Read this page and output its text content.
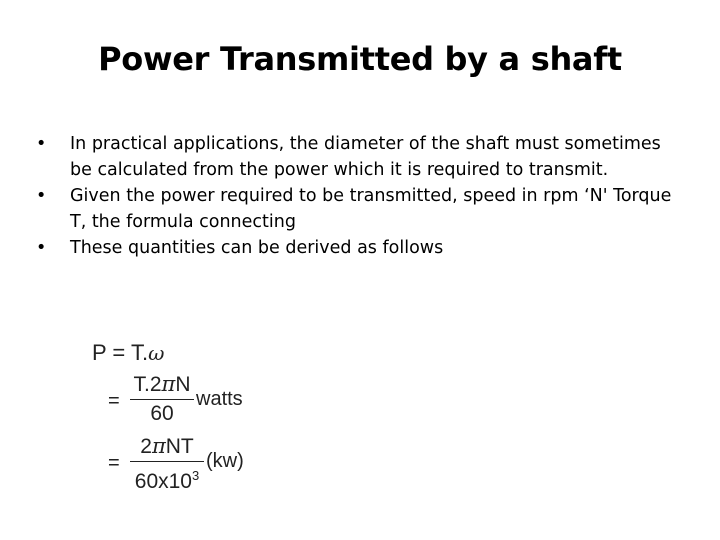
Power Transmitted by a shaft
•	In practical applications, the diameter of the shaft must sometimes be calculated from the power which it is required to transmit.
•	Given the power required to be transmitted, speed in rpm ‘N' Torque T, the formula connecting
•	These quantities can be derived as follows
P = T.ω
=
T.2πN
60
watts
=
2πNT
$60x10^3$
(kw)
